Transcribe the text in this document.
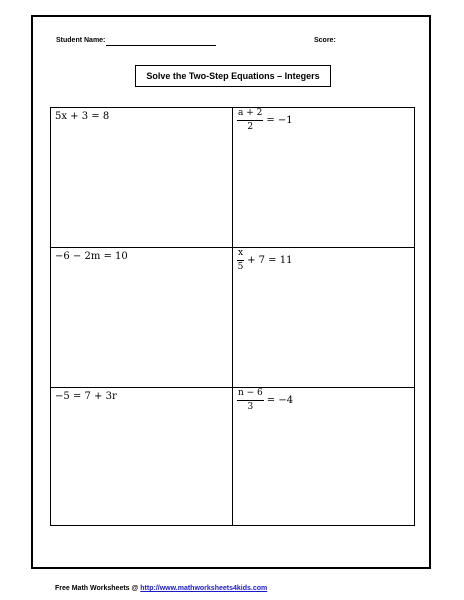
Student Name:	Score:
Solve the Two-Step Equations – Integers
5x + 3 = 8	$\frac{a + 2}{2} = -1$
−6 − 2m = 10	$\frac{x}{5} + 7 = 11$
−5 = 7 + 3r	$\frac{n - 6}{3} = -4$
Free Math Worksheets @ http://www.mathworksheets4kids.com
